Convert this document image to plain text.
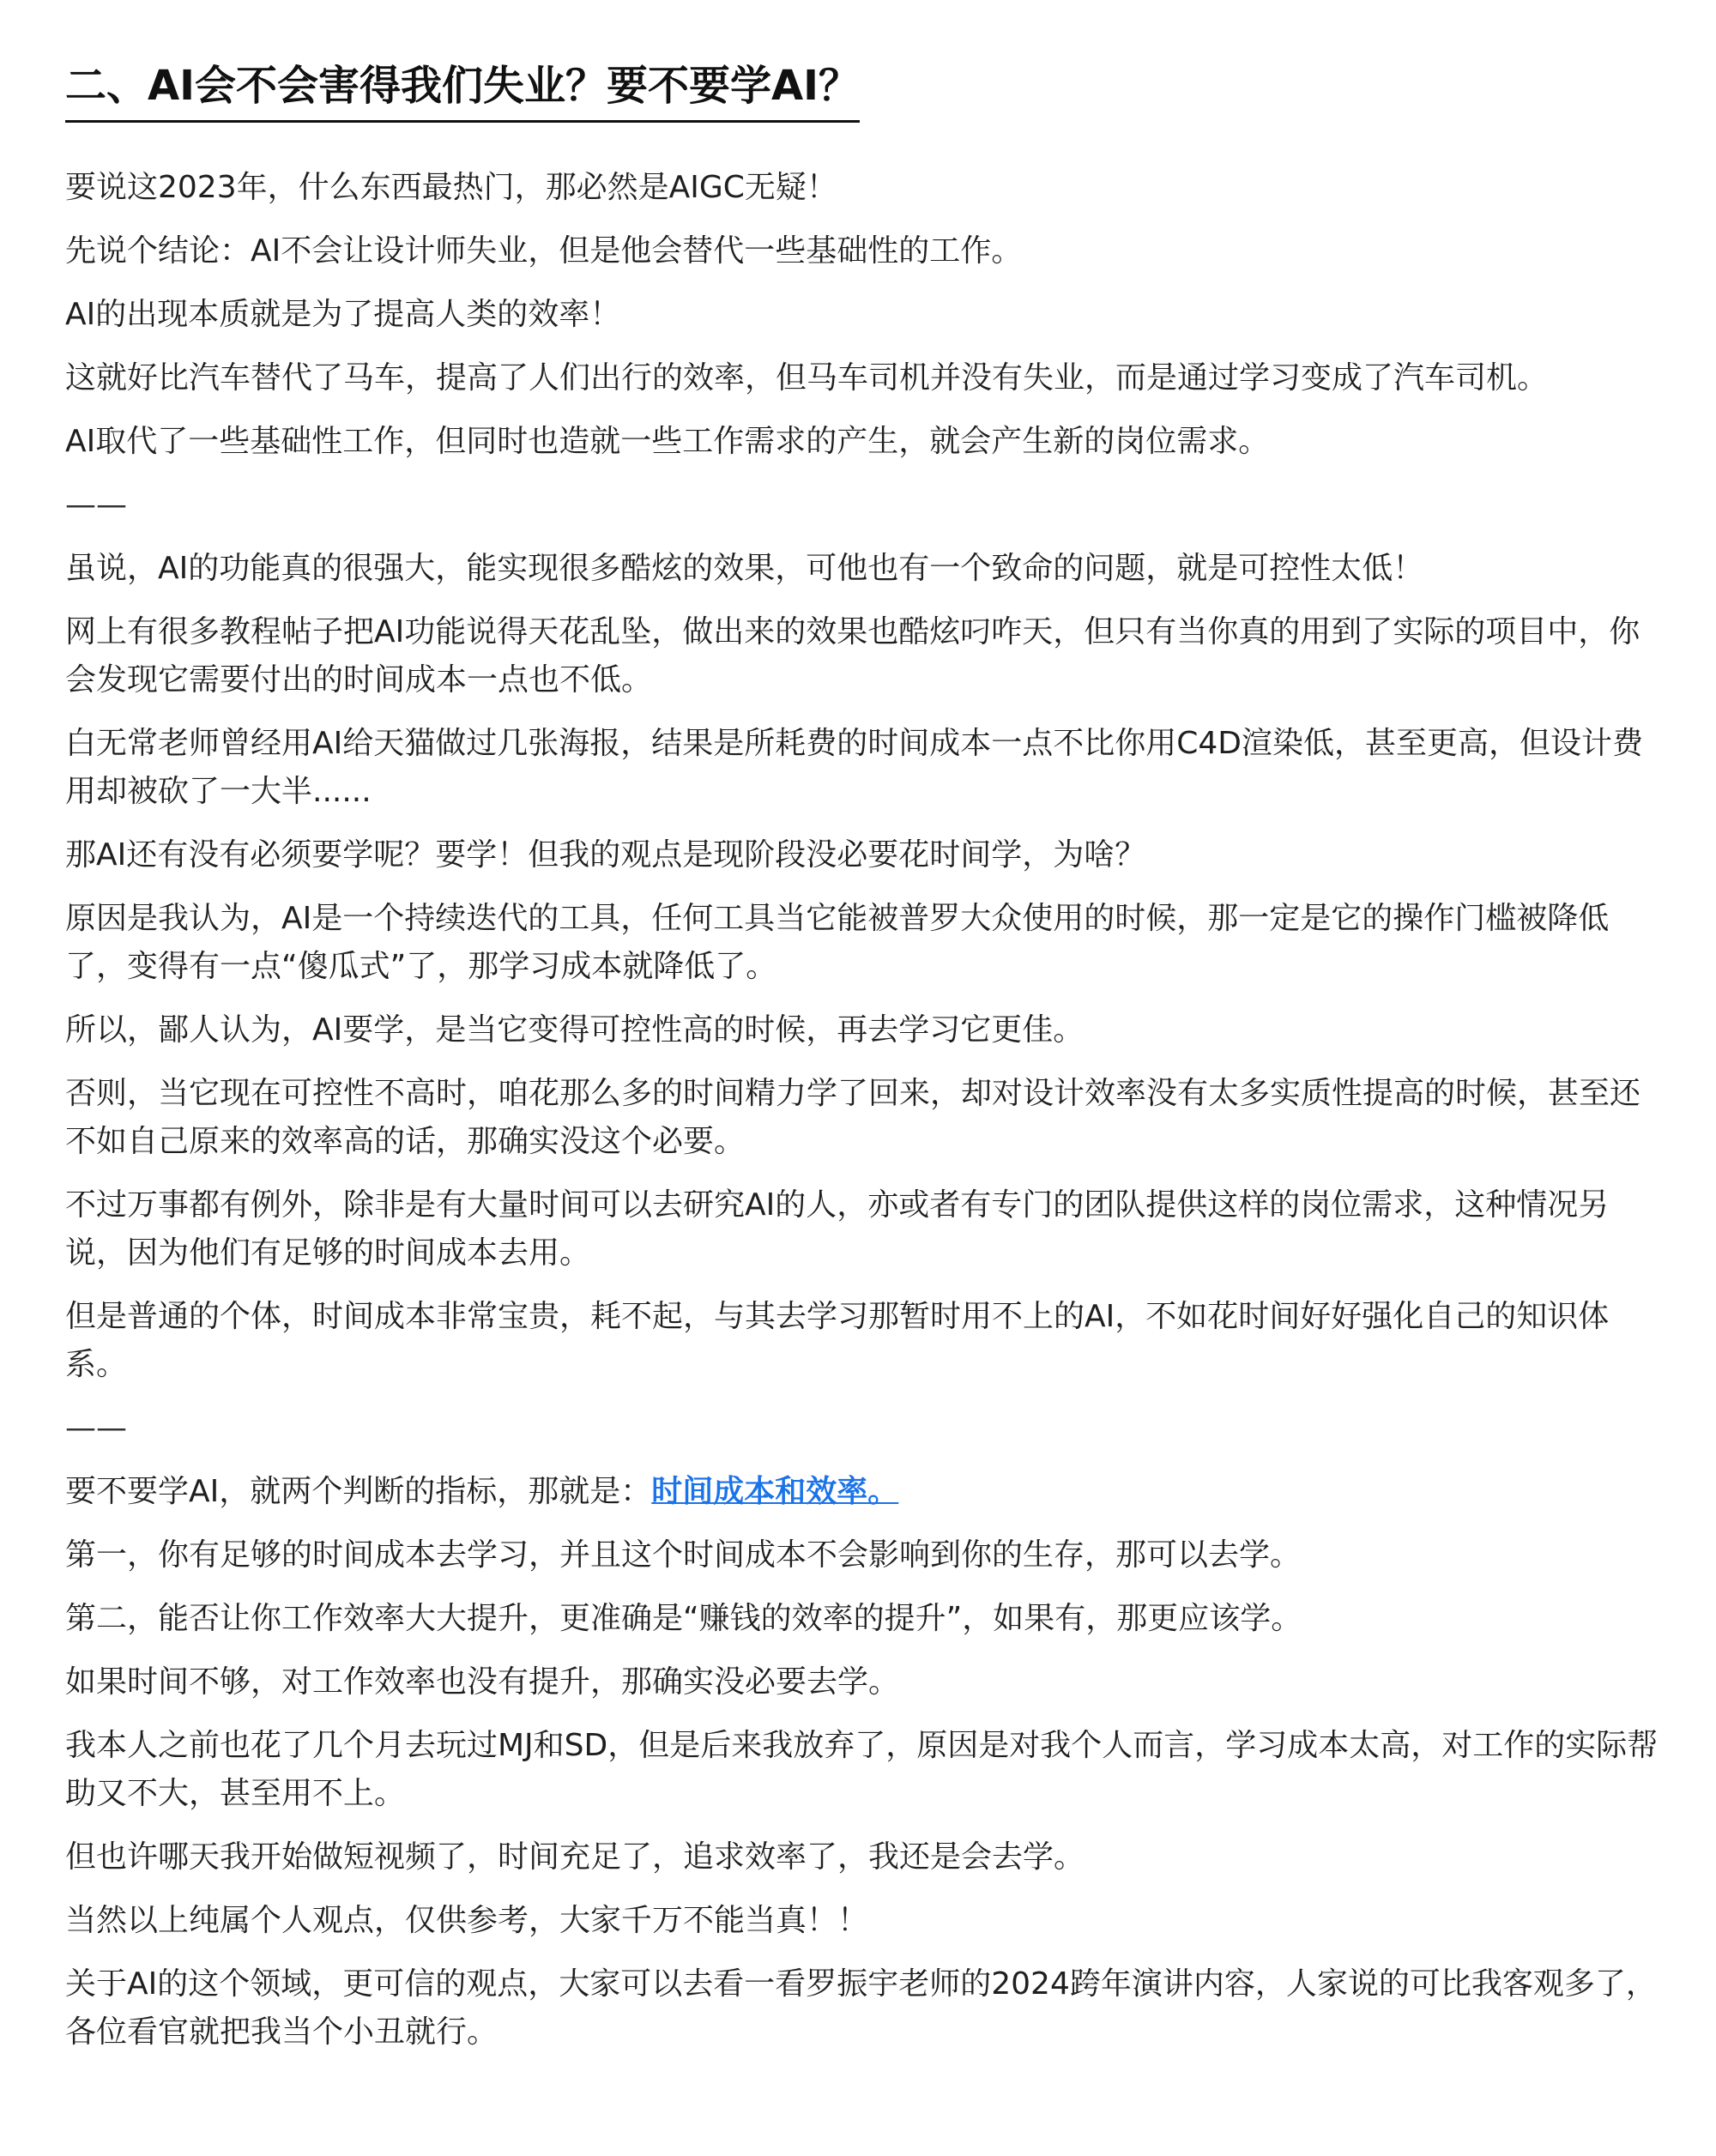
二、AI会不会害得我们失业？要不要学AI？

要说这2023年，什么东西最热门，那必然是AIGC无疑！

先说个结论：AI不会让设计师失业，但是他会替代一些基础性的工作。

AI的出现本质就是为了提高人类的效率！

这就好比汽车替代了马车，提高了人们出行的效率，但马车司机并没有失业，而是通过学习变成了汽车司机。

AI取代了一些基础性工作，但同时也造就一些工作需求的产生，就会产生新的岗位需求。

——

虽说，AI的功能真的很强大，能实现很多酷炫的效果，可他也有一个致命的问题，就是可控性太低！

网上有很多教程帖子把AI功能说得天花乱坠，做出来的效果也酷炫叼咋天，但只有当你真的用到了实际的项目中，你会发现它需要付出的时间成本一点也不低。

白无常老师曾经用AI给天猫做过几张海报，结果是所耗费的时间成本一点不比你用C4D渲染低，甚至更高，但设计费用却被砍了一大半......

那AI还有没有必须要学呢？要学！但我的观点是现阶段没必要花时间学，为啥？

原因是我认为，AI是一个持续迭代的工具，任何工具当它能被普罗大众使用的时候，那一定是它的操作门槛被降低了，变得有一点“傻瓜式”了，那学习成本就降低了。

所以，鄙人认为，AI要学，是当它变得可控性高的时候，再去学习它更佳。

否则，当它现在可控性不高时，咱花那么多的时间精力学了回来，却对设计效率没有太多实质性提高的时候，甚至还不如自己原来的效率高的话，那确实没这个必要。

不过万事都有例外，除非是有大量时间可以去研究AI的人，亦或者有专门的团队提供这样的岗位需求，这种情况另说，因为他们有足够的时间成本去用。

但是普通的个体，时间成本非常宝贵，耗不起，与其去学习那暂时用不上的AI，不如花时间好好强化自己的知识体系。

——

要不要学AI，就两个判断的指标，那就是：时间成本和效率。

第一，你有足够的时间成本去学习，并且这个时间成本不会影响到你的生存，那可以去学。

第二，能否让你工作效率大大提升，更准确是“赚钱的效率的提升”，如果有，那更应该学。

如果时间不够，对工作效率也没有提升，那确实没必要去学。

我本人之前也花了几个月去玩过MJ和SD，但是后来我放弃了，原因是对我个人而言，学习成本太高，对工作的实际帮助又不大，甚至用不上。

但也许哪天我开始做短视频了，时间充足了，追求效率了，我还是会去学。

当然以上纯属个人观点，仅供参考，大家千万不能当真！！

关于AI的这个领域，更可信的观点，大家可以去看一看罗振宇老师的2024跨年演讲内容，人家说的可比我客观多了，各位看官就把我当个小丑就行。
